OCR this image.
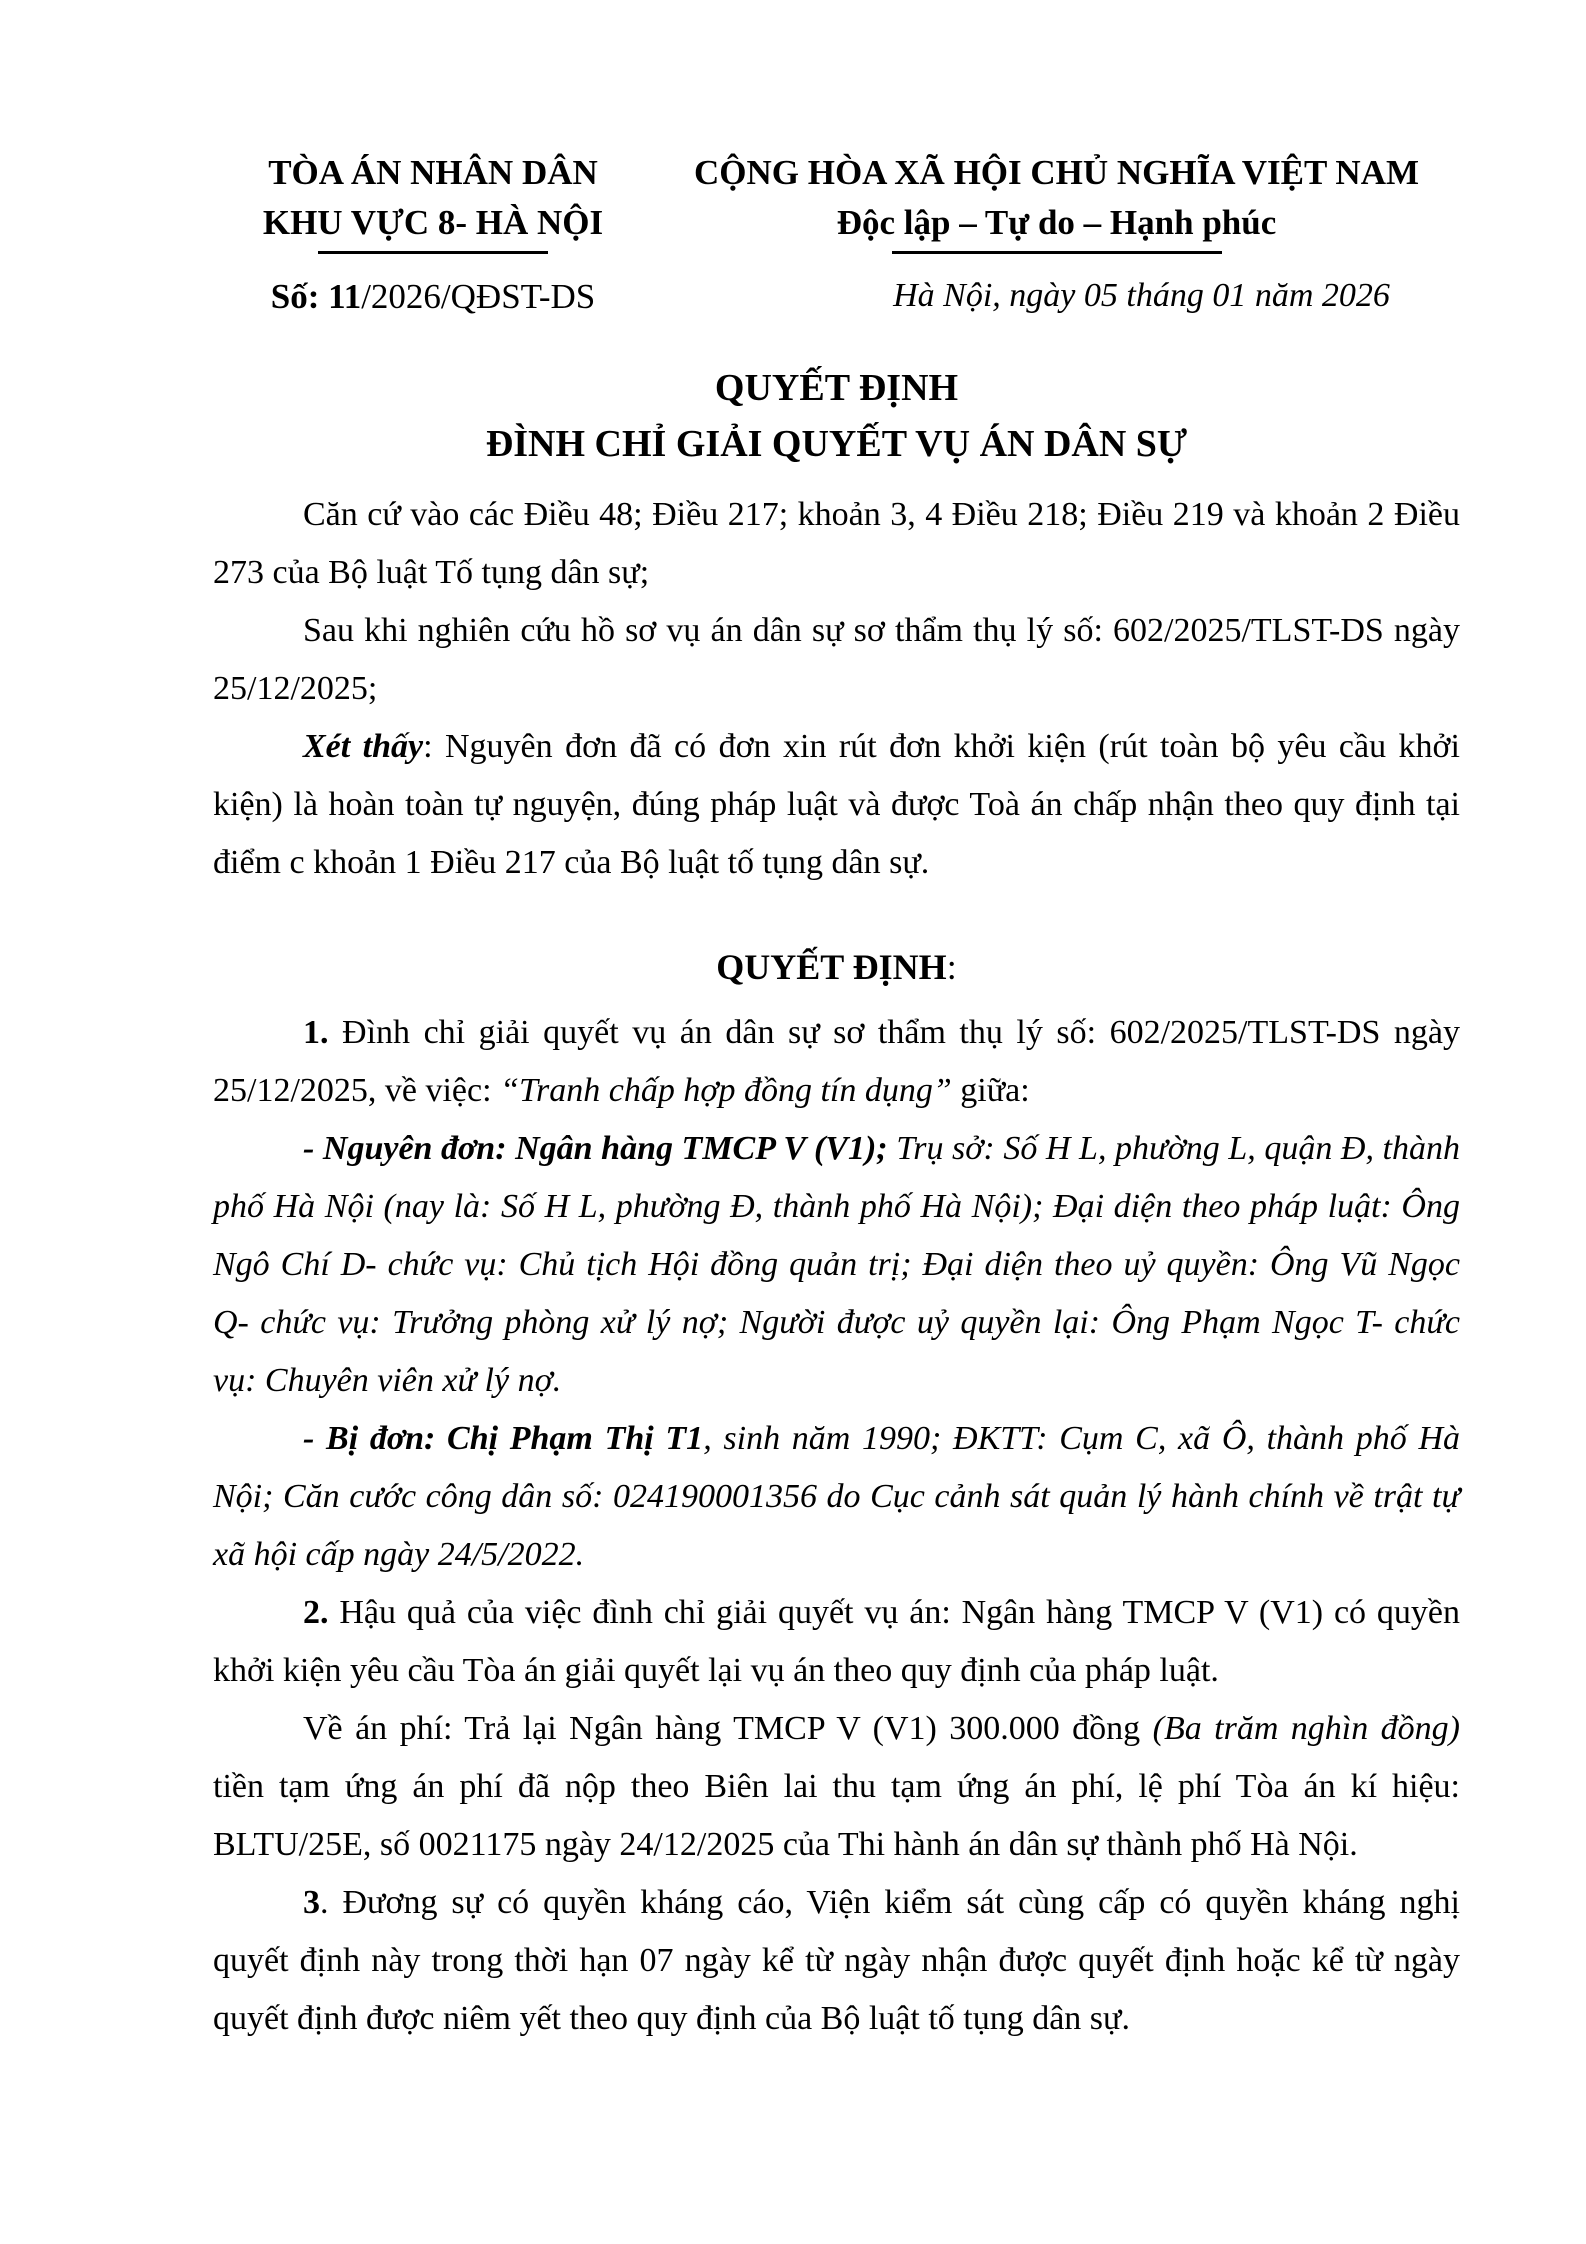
TÒA ÁN NHÂN DÂN
KHU VỰC 8- HÀ NỘI
Số: 11/2026/QĐST-DS
CỘNG HÒA XÃ HỘI CHỦ NGHĨA VIỆT NAM
Độc lập – Tự do – Hạnh phúc
Hà Nội, ngày 05 tháng 01 năm 2026
QUYẾT ĐỊNH
ĐÌNH CHỈ GIẢI QUYẾT VỤ ÁN DÂN SỰ

Căn cứ vào các Điều 48; Điều 217; khoản 3, 4 Điều 218; Điều 219 và khoản 2 Điều 273 của Bộ luật Tố tụng dân sự;

Sau khi nghiên cứu hồ sơ vụ án dân sự sơ thẩm thụ lý số: 602/2025/TLST-DS ngày 25/12/2025;

Xét thấy: Nguyên đơn đã có đơn xin rút đơn khởi kiện (rút toàn bộ yêu cầu khởi kiện) là hoàn toàn tự nguyện, đúng pháp luật và được Toà án chấp nhận theo quy định tại điểm c khoản 1 Điều 217 của Bộ luật tố tụng dân sự.

QUYẾT ĐỊNH:

1. Đình chỉ giải quyết vụ án dân sự sơ thẩm thụ lý số: 602/2025/TLST-DS ngày 25/12/2025, về việc: “Tranh chấp hợp đồng tín dụng” giữa:

- Nguyên đơn: Ngân hàng TMCP V (V1); Trụ sở: Số H L, phường L, quận Đ, thành phố Hà Nội (nay là: Số H L, phường Đ, thành phố Hà Nội); Đại diện theo pháp luật: Ông Ngô Chí D- chức vụ: Chủ tịch Hội đồng quản trị; Đại diện theo uỷ quyền: Ông Vũ Ngọc Q- chức vụ: Trưởng phòng xử lý nợ; Người được uỷ quyền lại: Ông Phạm Ngọc T- chức vụ: Chuyên viên xử lý nợ.

- Bị đơn: Chị Phạm Thị T1, sinh năm 1990; ĐKTT: Cụm C, xã Ô, thành phố Hà Nội; Căn cước công dân số: 024190001356 do Cục cảnh sát quản lý hành chính về trật tự xã hội cấp ngày 24/5/2022.

2. Hậu quả của việc đình chỉ giải quyết vụ án: Ngân hàng TMCP V (V1) có quyền khởi kiện yêu cầu Tòa án giải quyết lại vụ án theo quy định của pháp luật.

Về án phí: Trả lại Ngân hàng TMCP V (V1) 300.000 đồng (Ba trăm nghìn đồng) tiền tạm ứng án phí đã nộp theo Biên lai thu tạm ứng án phí, lệ phí Tòa án kí hiệu: BLTU/25E, số 0021175 ngày 24/12/2025 của Thi hành án dân sự thành phố Hà Nội.

3. Đương sự có quyền kháng cáo, Viện kiểm sát cùng cấp có quyền kháng nghị quyết định này trong thời hạn 07 ngày kể từ ngày nhận được quyết định hoặc kể từ ngày quyết định được niêm yết theo quy định của Bộ luật tố tụng dân sự.
